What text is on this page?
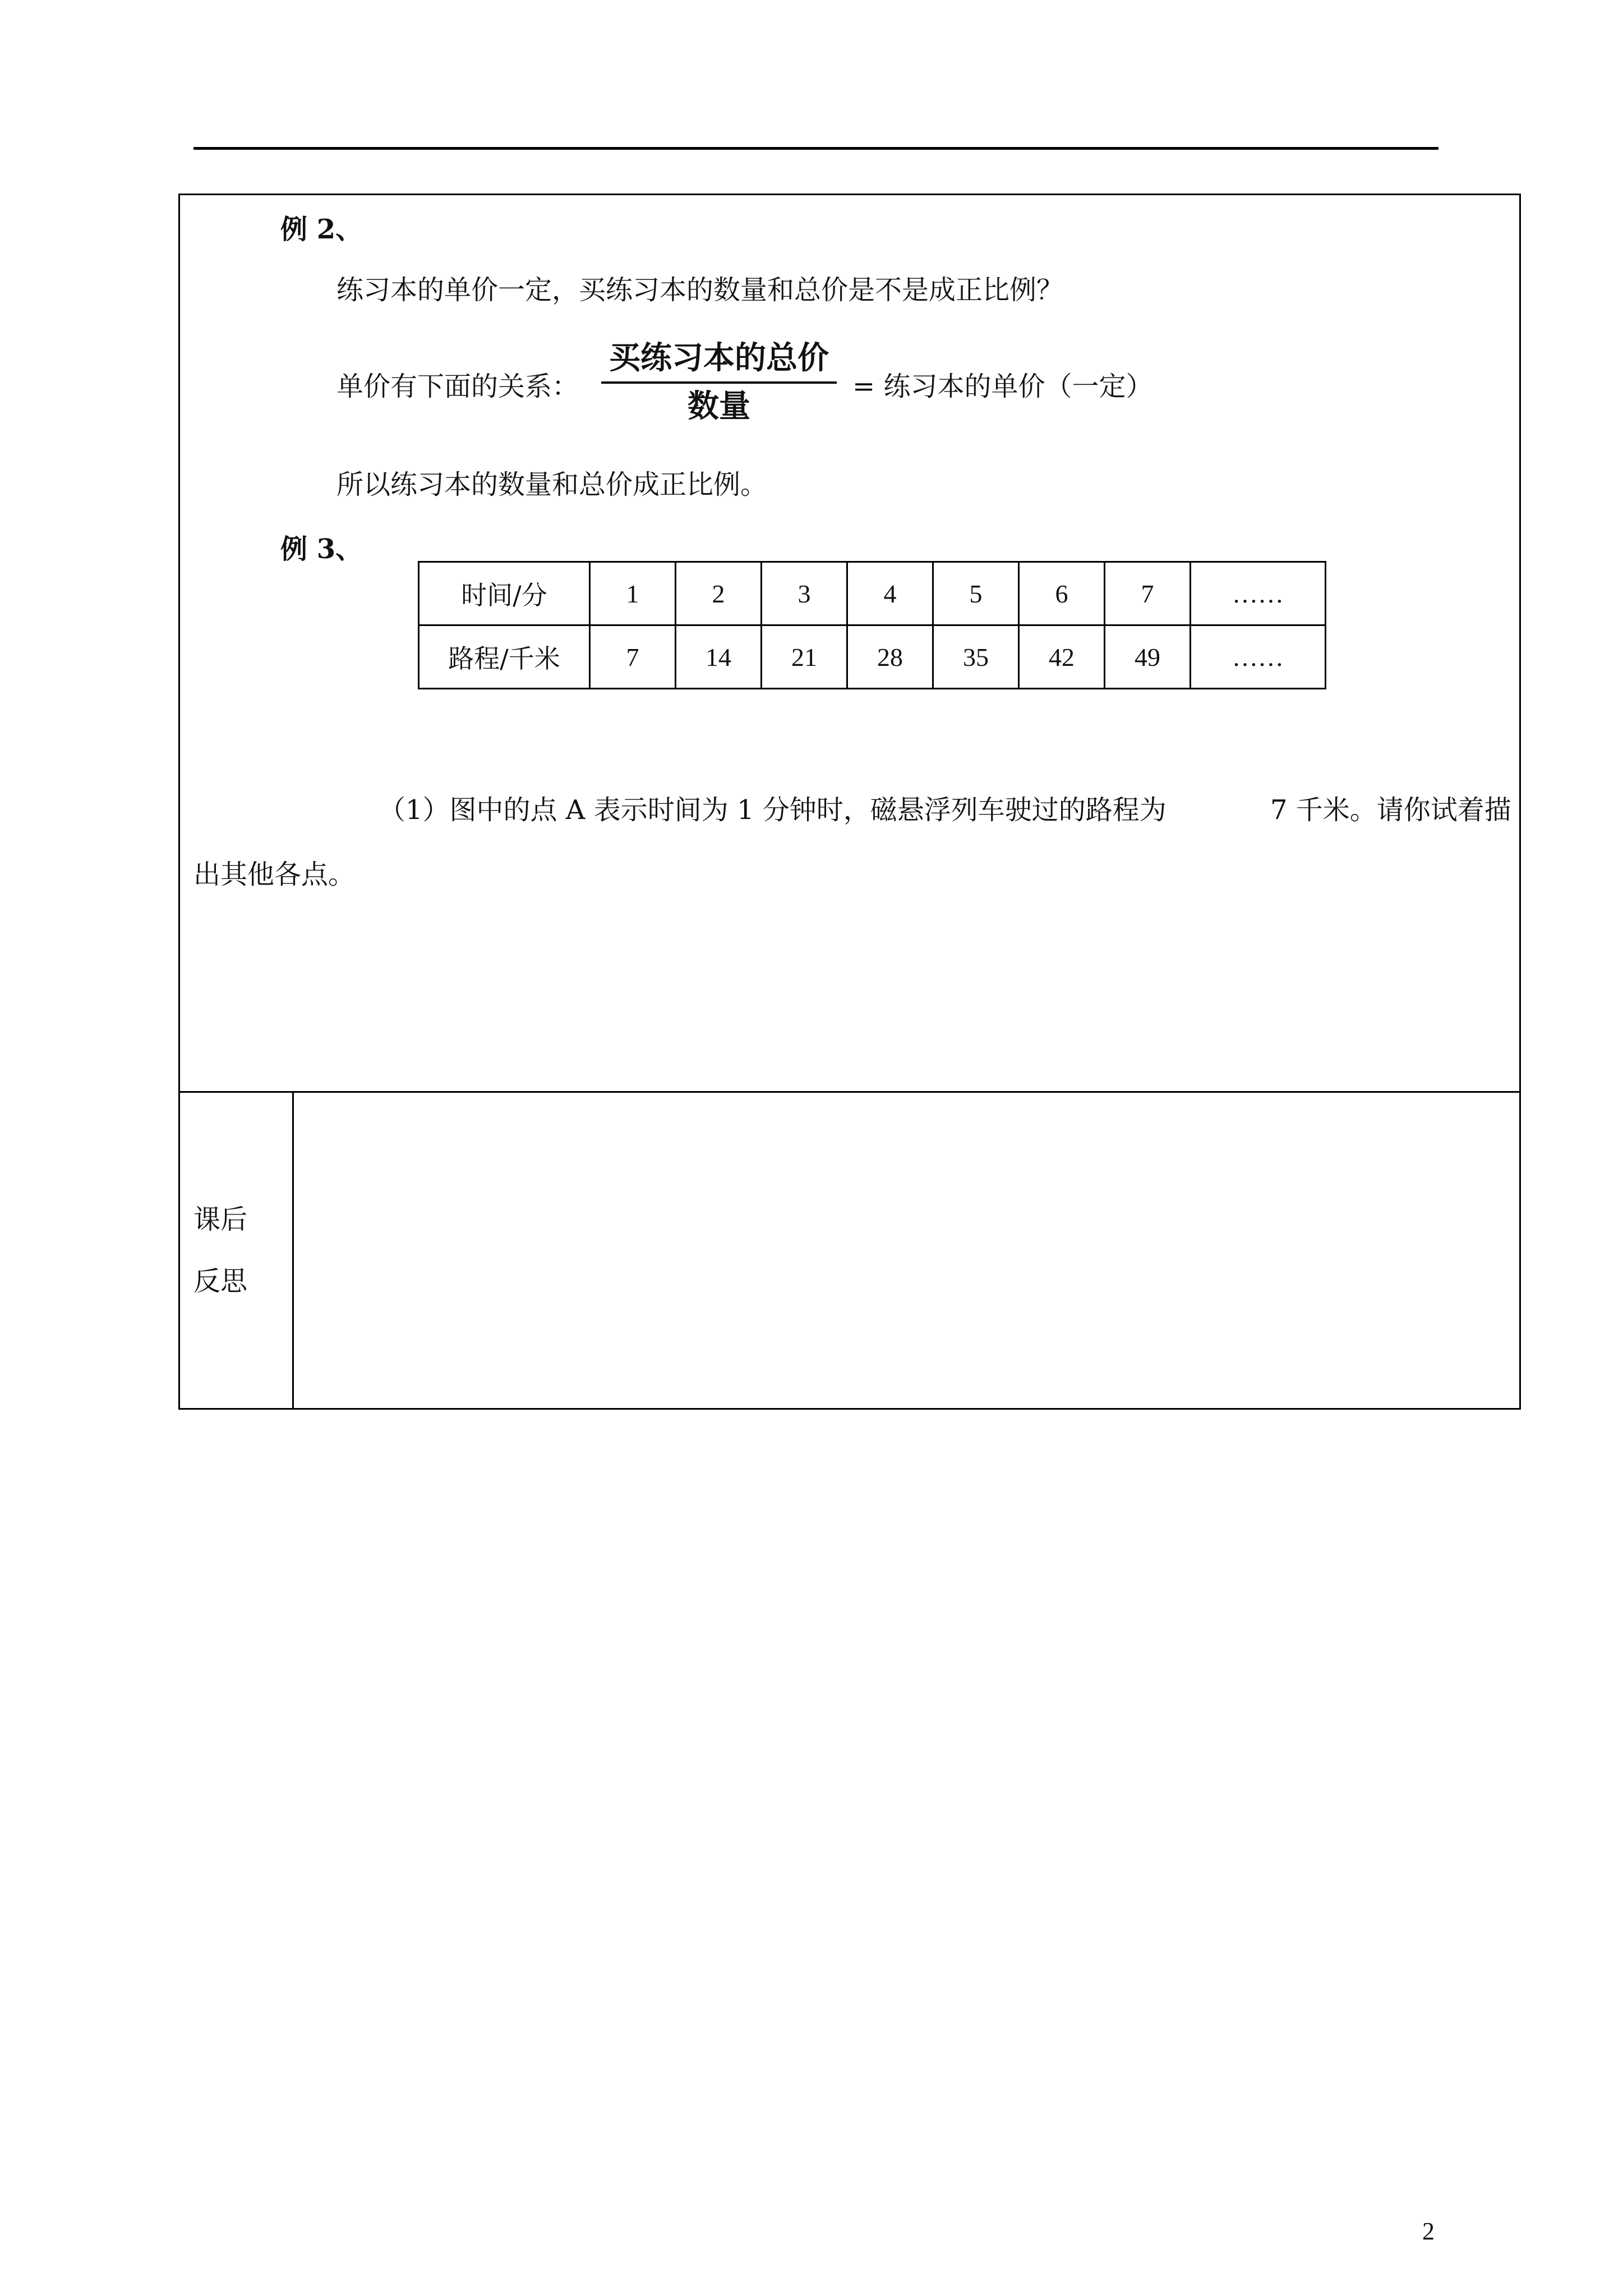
例 2、
练习本的单价一定，买练习本的数量和总价是不是成正比例？
单价有下面的关系：
买练习本的总价
数量
= 练习本的单价（一定）
所以练习本的数量和总价成正比例。
例 3、
时间/分	1	2	3	4	5	6	7	……
路程/千米	7	14	21	28	35	42	49	……
（1）图中的点 A 表示时间为 1 分钟时，磁悬浮列车驶过的路程为	7 千米。请你试着描
出其他各点。
课后
反思
2
